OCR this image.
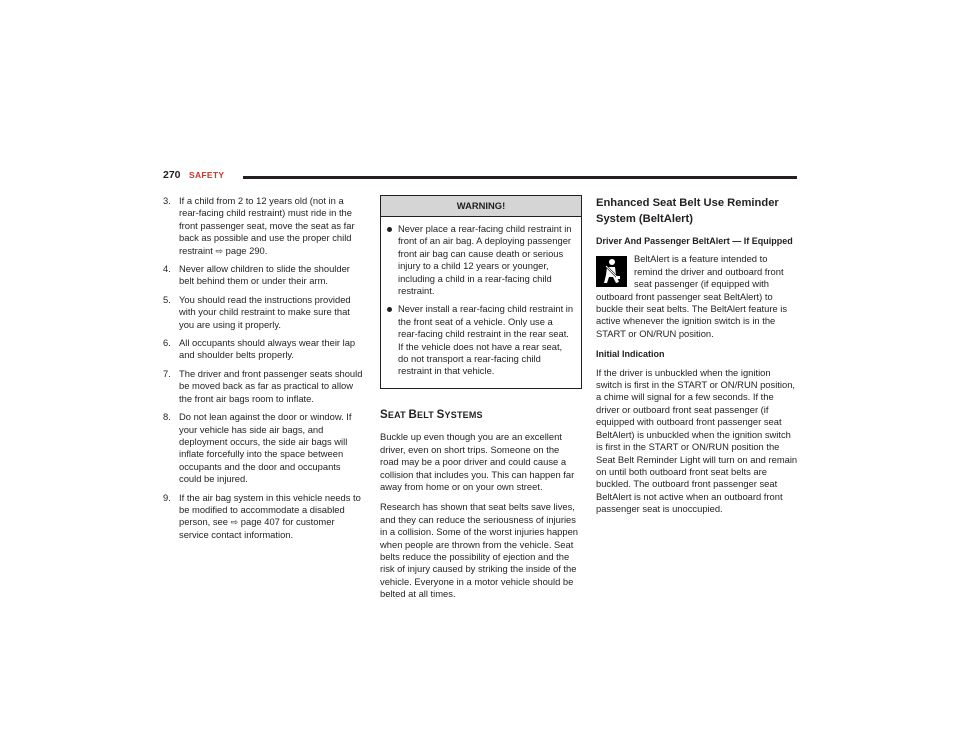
270 SAFETY
3. If a child from 2 to 12 years old (not in a rear-facing child restraint) must ride in the front passenger seat, move the seat as far back as possible and use the proper child restraint ⇨ page 290.
4. Never allow children to slide the shoulder belt behind them or under their arm.
5. You should read the instructions provided with your child restraint to make sure that you are using it properly.
6. All occupants should always wear their lap and shoulder belts properly.
7. The driver and front passenger seats should be moved back as far as practical to allow the front air bags room to inflate.
8. Do not lean against the door or window. If your vehicle has side air bags, and deployment occurs, the side air bags will inflate forcefully into the space between occupants and the door and occupants could be injured.
9. If the air bag system in this vehicle needs to be modified to accommodate a disabled person, see ⇨ page 407 for customer service contact information.
WARNING!
Never place a rear-facing child restraint in front of an air bag. A deploying passenger front air bag can cause death or serious injury to a child 12 years or younger, including a child in a rear-facing child restraint.
Never install a rear-facing child restraint in the front seat of a vehicle. Only use a rear-facing child restraint in the rear seat. If the vehicle does not have a rear seat, do not transport a rear-facing child restraint in that vehicle.
SEAT BELT SYSTEMS

Buckle up even though you are an excellent driver, even on short trips. Someone on the road may be a poor driver and could cause a collision that includes you. This can happen far away from home or on your own street.

Research has shown that seat belts save lives, and they can reduce the seriousness of injuries in a collision. Some of the worst injuries happen when people are thrown from the vehicle. Seat belts reduce the possibility of ejection and the risk of injury caused by striking the inside of the vehicle. Everyone in a motor vehicle should be belted at all times.

Enhanced Seat Belt Use Reminder System (BeltAlert)
Driver And Passenger BeltAlert — If Equipped

BeltAlert is a feature intended to remind the driver and outboard front seat passenger (if equipped with outboard front passenger seat BeltAlert) to buckle their seat belts. The BeltAlert feature is active whenever the ignition switch is in the START or ON/RUN position.

Initial Indication

If the driver is unbuckled when the ignition switch is first in the START or ON/RUN position, a chime will signal for a few seconds. If the driver or outboard front seat passenger (if equipped with outboard front passenger seat BeltAlert) is unbuckled when the ignition switch is first in the START or ON/RUN position the Seat Belt Reminder Light will turn on and remain on until both outboard front seat belts are buckled. The outboard front passenger seat BeltAlert is not active when an outboard front passenger seat is unoccupied.
